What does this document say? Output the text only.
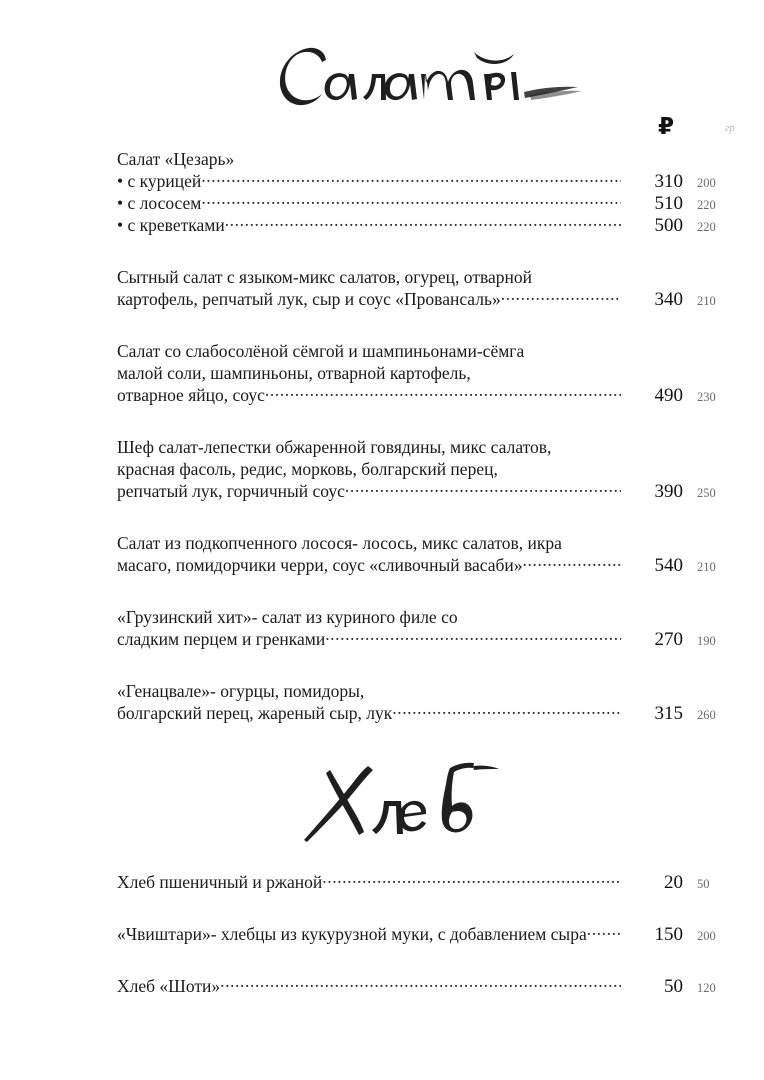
₽	гр
Салат «Цезарь»
• с курицей .....	310	200
• с лососем .....	510	220
• с креветками .....	500	220
Сытный салат с языком-микс салатов, огурец, отварной
картофель, репчатый лук, сыр и соус «Провансаль» .....	340	210
Салат со слабосолёной сёмгой и шампиньонами-сёмга
малой соли, шампиньоны, отварной картофель,
отварное яйцо, соус .....	490	230
Шеф салат-лепестки обжаренной говядины, микс салатов,
красная фасоль, редис, морковь, болгарский перец,
репчатый лук, горчичный соус .....	390	250
Салат из подкопченного лосося- лосось, микс салатов, икра
масаго, помидорчики черри, соус «сливочный васаби» .....	540	210
«Грузинский хит»- салат из куриного филе со
сладким перцем и гренками .....	270	190
«Генацвале»- огурцы, помидоры,
болгарский перец, жареный сыр, лук .....	315	260
Хлеб пшеничный и ржаной .....	20	50
«Чвиштари»- хлебцы из кукурузной муки, с добавлением сыра .....	150	200
Хлеб «Шоти» .....	50	120
